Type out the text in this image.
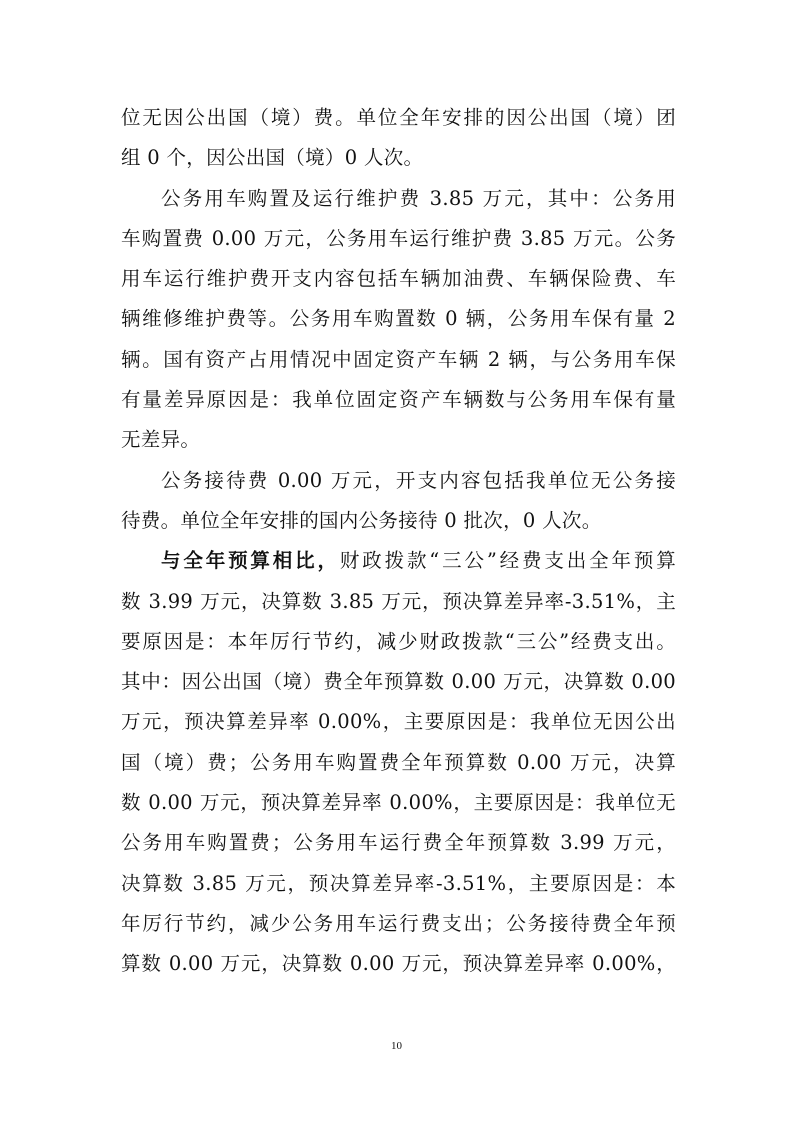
位无因公出国（境）费。单位全年安排的因公出国（境）团
组 0 个，因公出国（境）0 人次。
公务用车购置及运行维护费 3.85 万元，其中：公务用
车购置费 0.00 万元，公务用车运行维护费 3.85 万元。公务
用车运行维护费开支内容包括车辆加油费、车辆保险费、车
辆维修维护费等。公务用车购置数 0 辆，公务用车保有量 2
辆。国有资产占用情况中固定资产车辆 2 辆，与公务用车保
有量差异原因是：我单位固定资产车辆数与公务用车保有量
无差异。
公务接待费 0.00 万元，开支内容包括我单位无公务接
待费。单位全年安排的国内公务接待 0 批次，0 人次。
与全年预算相比，财政拨款“三公”经费支出全年预算
数 3.99 万元，决算数 3.85 万元，预决算差异率-3.51%，主
要原因是：本年厉行节约，减少财政拨款“三公”经费支出。
其中：因公出国（境）费全年预算数 0.00 万元，决算数 0.00
万元，预决算差异率 0.00%，主要原因是：我单位无因公出
国（境）费；公务用车购置费全年预算数 0.00 万元，决算
数 0.00 万元，预决算差异率 0.00%，主要原因是：我单位无
公务用车购置费；公务用车运行费全年预算数 3.99 万元，
决算数 3.85 万元，预决算差异率-3.51%，主要原因是：本
年厉行节约，减少公务用车运行费支出；公务接待费全年预
算数 0.00 万元，决算数 0.00 万元，预决算差异率 0.00%，
10
